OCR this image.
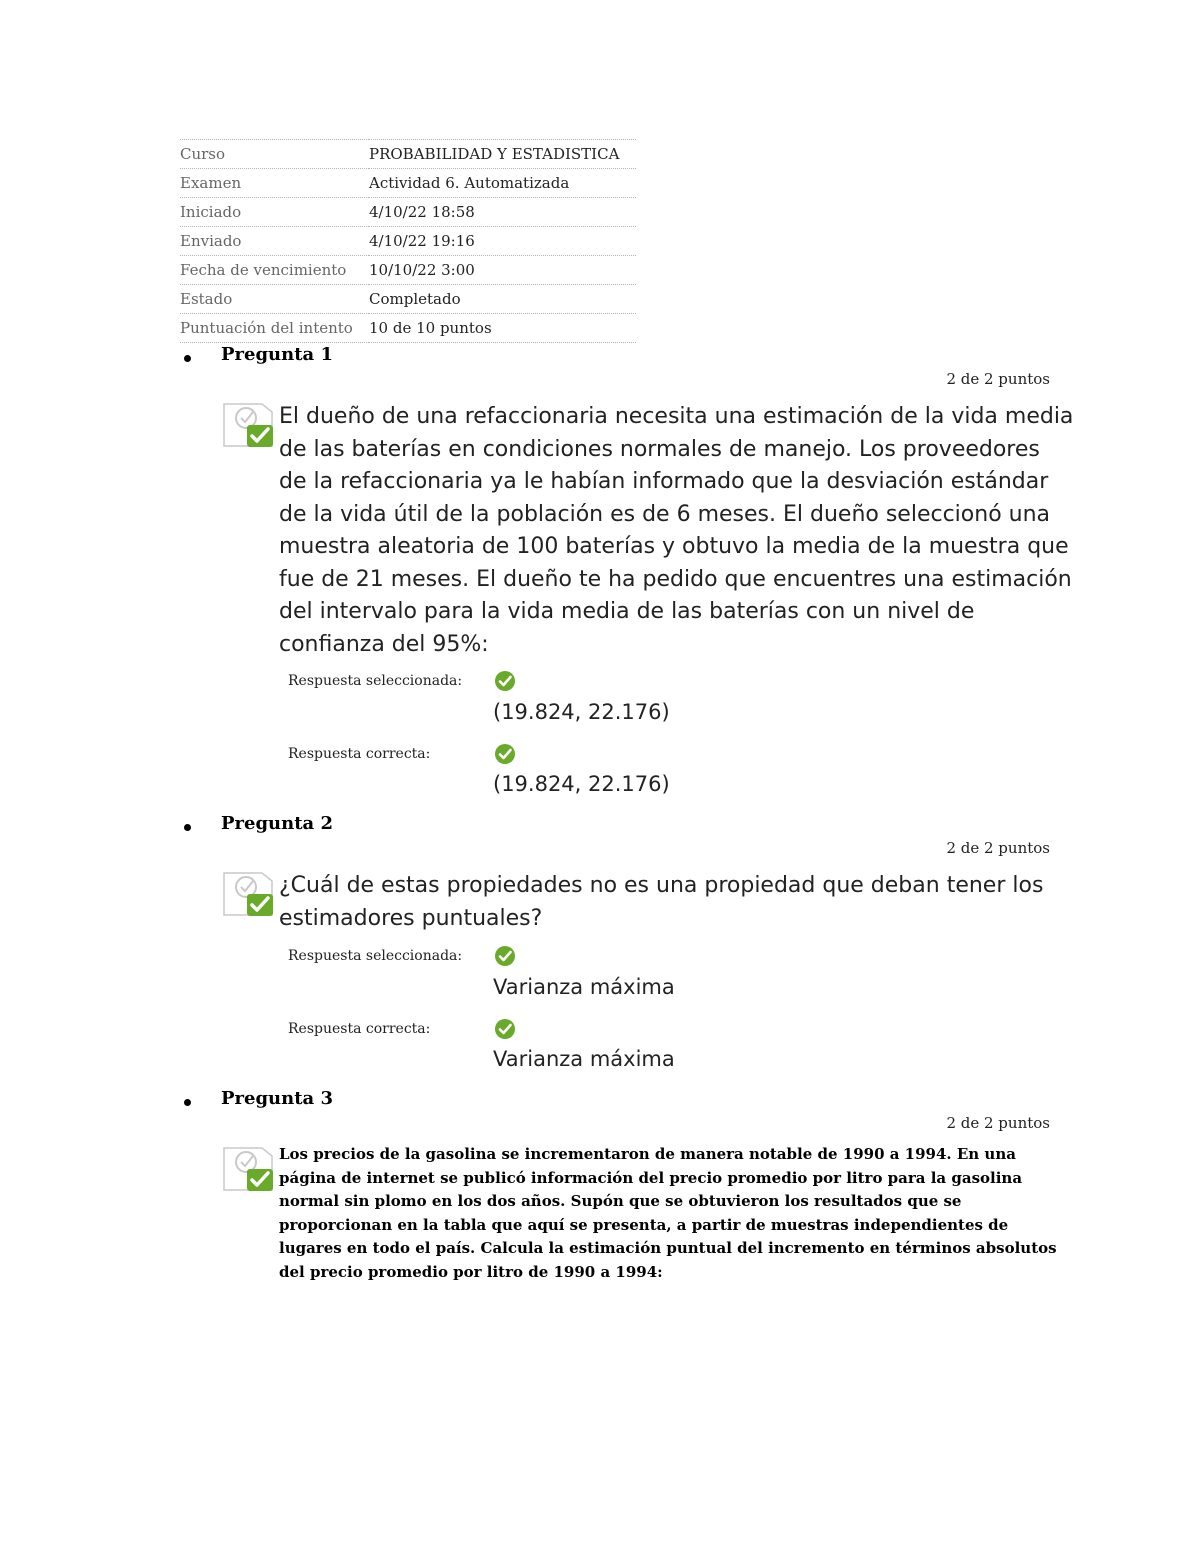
Curso	PROBABILIDAD Y ESTADISTICA
Examen	Actividad 6. Automatizada
Iniciado	4/10/22 18:58
Enviado	4/10/22 19:16
Fecha de vencimiento	10/10/22 3:00
Estado	Completado
Puntuación del intento	10 de 10 puntos
Pregunta 1
2 de 2 puntos
El dueño de una refaccionaria necesita una estimación de la vida media de las baterías en condiciones normales de manejo. Los proveedores de la refaccionaria ya le habían informado que la desviación estándar de la vida útil de la población es de 6 meses. El dueño seleccionó una muestra aleatoria de 100 baterías y obtuvo la media de la muestra que fue de 21 meses. El dueño te ha pedido que encuentres una estimación del intervalo para la vida media de las baterías con un nivel de confianza del 95%:
Respuesta seleccionada:
(19.824, 22.176)
Respuesta correcta:
(19.824, 22.176)
Pregunta 2
2 de 2 puntos
¿Cuál de estas propiedades no es una propiedad que deban tener los estimadores puntuales?
Respuesta seleccionada:
Varianza máxima
Respuesta correcta:
Varianza máxima
Pregunta 3
2 de 2 puntos
Los precios de la gasolina se incrementaron de manera notable de 1990 a 1994. En una página de internet se publicó información del precio promedio por litro para la gasolina normal sin plomo en los dos años. Supón que se obtuvieron los resultados que se proporcionan en la tabla que aquí se presenta, a partir de muestras independientes de lugares en todo el país. Calcula la estimación puntual del incremento en términos absolutos del precio promedio por litro de 1990 a 1994:
